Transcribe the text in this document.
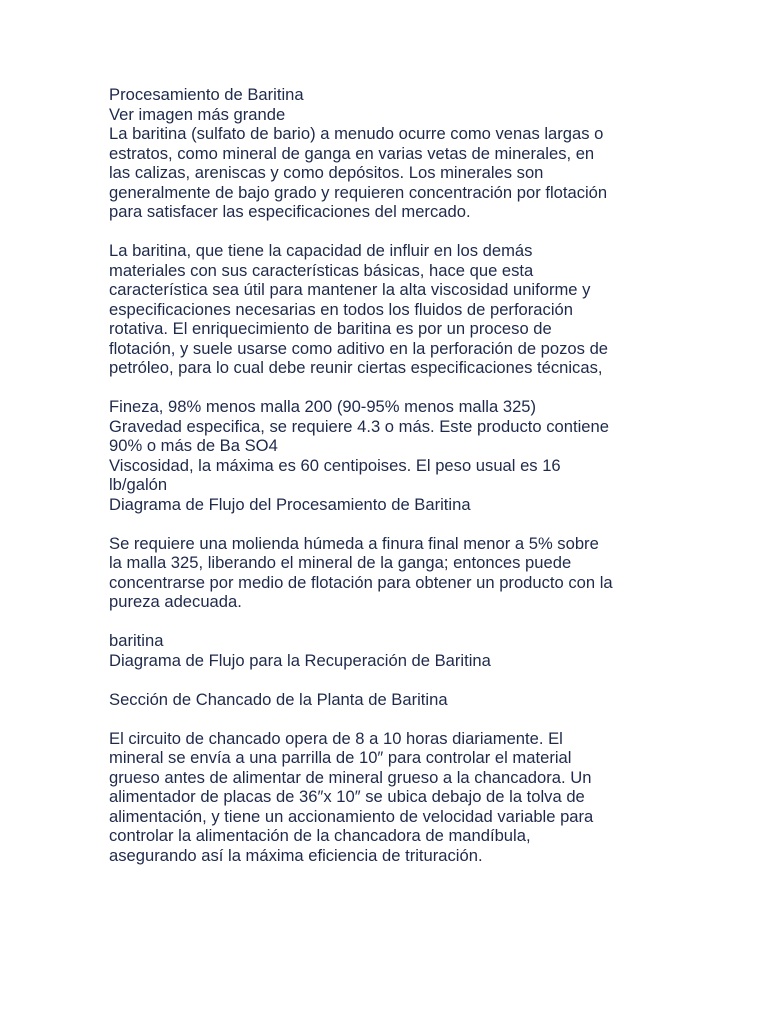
Procesamiento de Baritina
Ver imagen más grande
La baritina (sulfato de bario) a menudo ocurre como venas largas o
estratos, como mineral de ganga en varias vetas de minerales, en
las calizas, areniscas y como depósitos. Los minerales son
generalmente de bajo grado y requieren concentración por flotación
para satisfacer las especificaciones del mercado.
La baritina, que tiene la capacidad de influir en los demás
materiales con sus características básicas, hace que esta
característica sea útil para mantener la alta viscosidad uniforme y
especificaciones necesarias en todos los fluidos de perforación
rotativa. El enriquecimiento de baritina es por un proceso de
flotación, y suele usarse como aditivo en la perforación de pozos de
petróleo, para lo cual debe reunir ciertas especificaciones técnicas,
Fineza, 98% menos malla 200 (90-95% menos malla 325)
Gravedad especifica, se requiere 4.3 o más. Este producto contiene
90% o más de Ba SO4
Viscosidad, la máxima es 60 centipoises. El peso usual es 16
lb/galón
Diagrama de Flujo del Procesamiento de Baritina
Se requiere una molienda húmeda a finura final menor a 5% sobre
la malla 325, liberando el mineral de la ganga; entonces puede
concentrarse por medio de flotación para obtener un producto con la
pureza adecuada.
baritina
Diagrama de Flujo para la Recuperación de Baritina
Sección de Chancado de la Planta de Baritina
El circuito de chancado opera de 8 a 10 horas diariamente. El
mineral se envía a una parrilla de 10″ para controlar el material
grueso antes de alimentar de mineral grueso a la chancadora. Un
alimentador de placas de 36″x 10″ se ubica debajo de la tolva de
alimentación, y tiene un accionamiento de velocidad variable para
controlar la alimentación de la chancadora de mandíbula,
asegurando así la máxima eficiencia de trituración.
